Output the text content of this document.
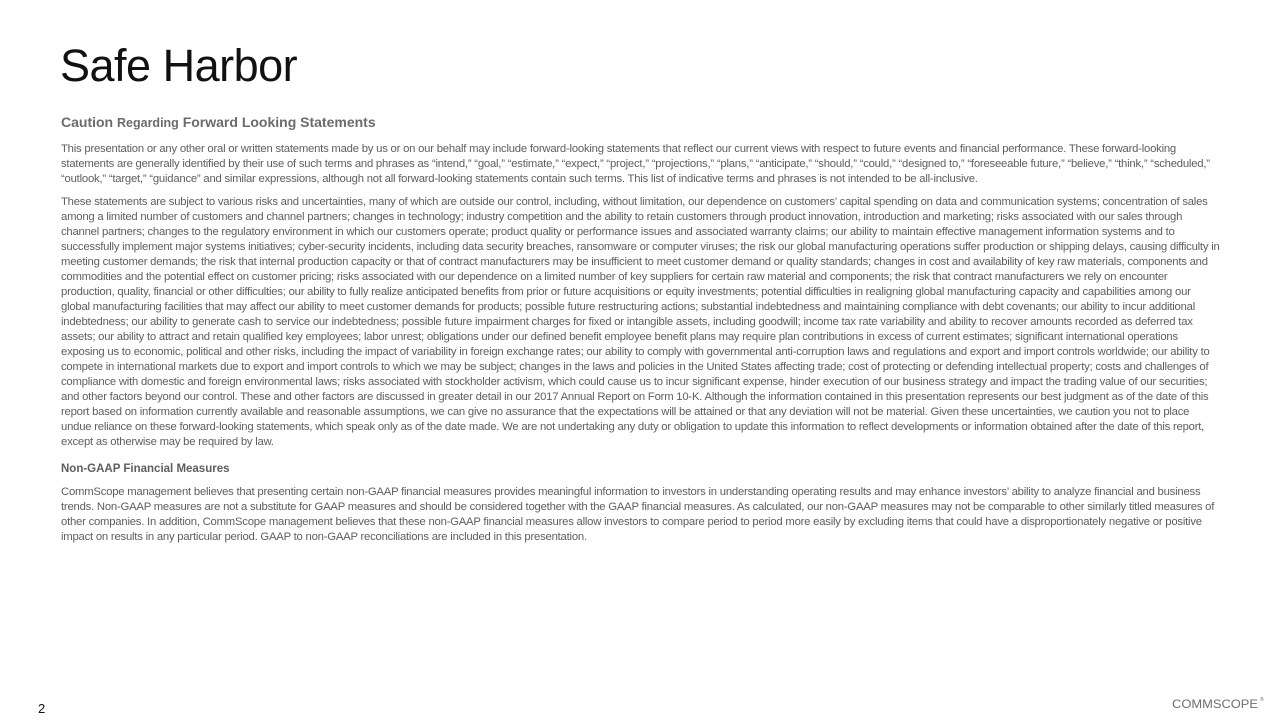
Safe Harbor
Caution Regarding Forward Looking Statements

This presentation or any other oral or written statements made by us or on our behalf may include forward-looking statements that reflect our current views with respect to future events and financial performance. These forward-looking statements are generally identified by their use of such terms and phrases as “intend,” “goal,” “estimate,” “expect,” “project,” “projections,” “plans,” “anticipate,” “should,” “could,” “designed to,” “foreseeable future,” “believe,” “think,” “scheduled,” “outlook,” “target,” “guidance” and similar expressions, although not all forward-looking statements contain such terms. This list of indicative terms and phrases is not intended to be all-inclusive.

These statements are subject to various risks and uncertainties, many of which are outside our control, including, without limitation, our dependence on customers’ capital spending on data and communication systems; concentration of sales among a limited number of customers and channel partners; changes in technology; industry competition and the ability to retain customers through product innovation, introduction and marketing; risks associated with our sales through channel partners; changes to the regulatory environment in which our customers operate; product quality or performance issues and associated warranty claims; our ability to maintain effective management information systems and to successfully implement major systems initiatives; cyber-security incidents, including data security breaches, ransomware or computer viruses; the risk our global manufacturing operations suffer production or shipping delays, causing difficulty in meeting customer demands; the risk that internal production capacity or that of contract manufacturers may be insufficient to meet customer demand or quality standards; changes in cost and availability of key raw materials, components and commodities and the potential effect on customer pricing; risks associated with our dependence on a limited number of key suppliers for certain raw material and components; the risk that contract manufacturers we rely on encounter production, quality, financial or other difficulties; our ability to fully realize anticipated benefits from prior or future acquisitions or equity investments; potential difficulties in realigning global manufacturing capacity and capabilities among our global manufacturing facilities that may affect our ability to meet customer demands for products; possible future restructuring actions; substantial indebtedness and maintaining compliance with debt covenants; our ability to incur additional indebtedness; our ability to generate cash to service our indebtedness; possible future impairment charges for fixed or intangible assets, including goodwill; income tax rate variability and ability to recover amounts recorded as deferred tax assets; our ability to attract and retain qualified key employees; labor unrest; obligations under our defined benefit employee benefit plans may require plan contributions in excess of current estimates; significant international operations exposing us to economic, political and other risks, including the impact of variability in foreign exchange rates; our ability to comply with governmental anti-corruption laws and regulations and export and import controls worldwide; our ability to compete in international markets due to export and import controls to which we may be subject; changes in the laws and policies in the United States affecting trade; cost of protecting or defending intellectual property; costs and challenges of compliance with domestic and foreign environmental laws; risks associated with stockholder activism, which could cause us to incur significant expense, hinder execution of our business strategy and impact the trading value of our securities; and other factors beyond our control. These and other factors are discussed in greater detail in our 2017 Annual Report on Form 10-K. Although the information contained in this presentation represents our best judgment as of the date of this report based on information currently available and reasonable assumptions, we can give no assurance that the expectations will be attained or that any deviation will not be material. Given these uncertainties, we caution you not to place undue reliance on these forward-looking statements, which speak only as of the date made. We are not undertaking any duty or obligation to update this information to reflect developments or information obtained after the date of this report, except as otherwise may be required by law.

Non-GAAP Financial Measures

CommScope management believes that presenting certain non-GAAP financial measures provides meaningful information to investors in understanding operating results and may enhance investors’ ability to analyze financial and business trends. Non-GAAP measures are not a substitute for GAAP measures and should be considered together with the GAAP financial measures. As calculated, our non-GAAP measures may not be comparable to other similarly titled measures of other companies. In addition, CommScope management believes that these non-GAAP financial measures allow investors to compare period to period more easily by excluding items that could have a disproportionately negative or positive impact on results in any particular period. GAAP to non-GAAP reconciliations are included in this presentation.

2	COMMSCOPE ®
